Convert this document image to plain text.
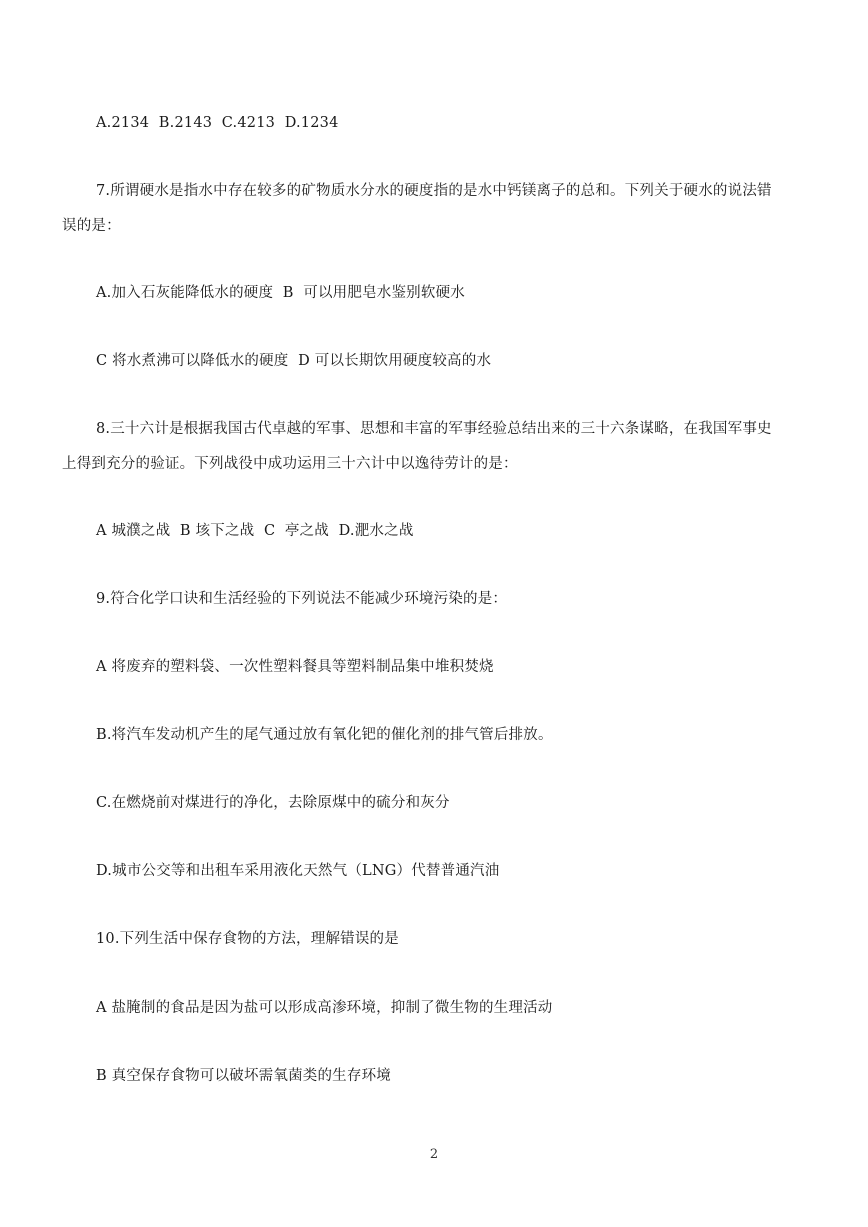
A.2134  B.2143  C.4213  D.1234
7.所谓硬水是指水中存在较多的矿物质水分水的硬度指的是水中钙镁离子的总和。下列关于硬水的说法错
误的是：
A.加入石灰能降低水的硬度  B  可以用肥皂水鉴别软硬水
C 将水煮沸可以降低水的硬度  D 可以长期饮用硬度较高的水
8.三十六计是根据我国古代卓越的军事、思想和丰富的军事经验总结出来的三十六条谋略，在我国军事史
上得到充分的验证。下列战役中成功运用三十六计中以逸待劳计的是：
A 城濮之战  B 垓下之战  C  亭之战  D.淝水之战
9.符合化学口诀和生活经验的下列说法不能减少环境污染的是：
A 将废弃的塑料袋、一次性塑料餐具等塑料制品集中堆积焚烧
B.将汽车发动机产生的尾气通过放有氧化钯的催化剂的排气管后排放。
C.在燃烧前对煤进行的净化，去除原煤中的硫分和灰分
D.城市公交等和出租车采用液化天然气（LNG）代替普通汽油
10.下列生活中保存食物的方法，理解错误的是
A 盐腌制的食品是因为盐可以形成高渗环境，抑制了微生物的生理活动
B 真空保存食物可以破坏需氧菌类的生存环境
2
